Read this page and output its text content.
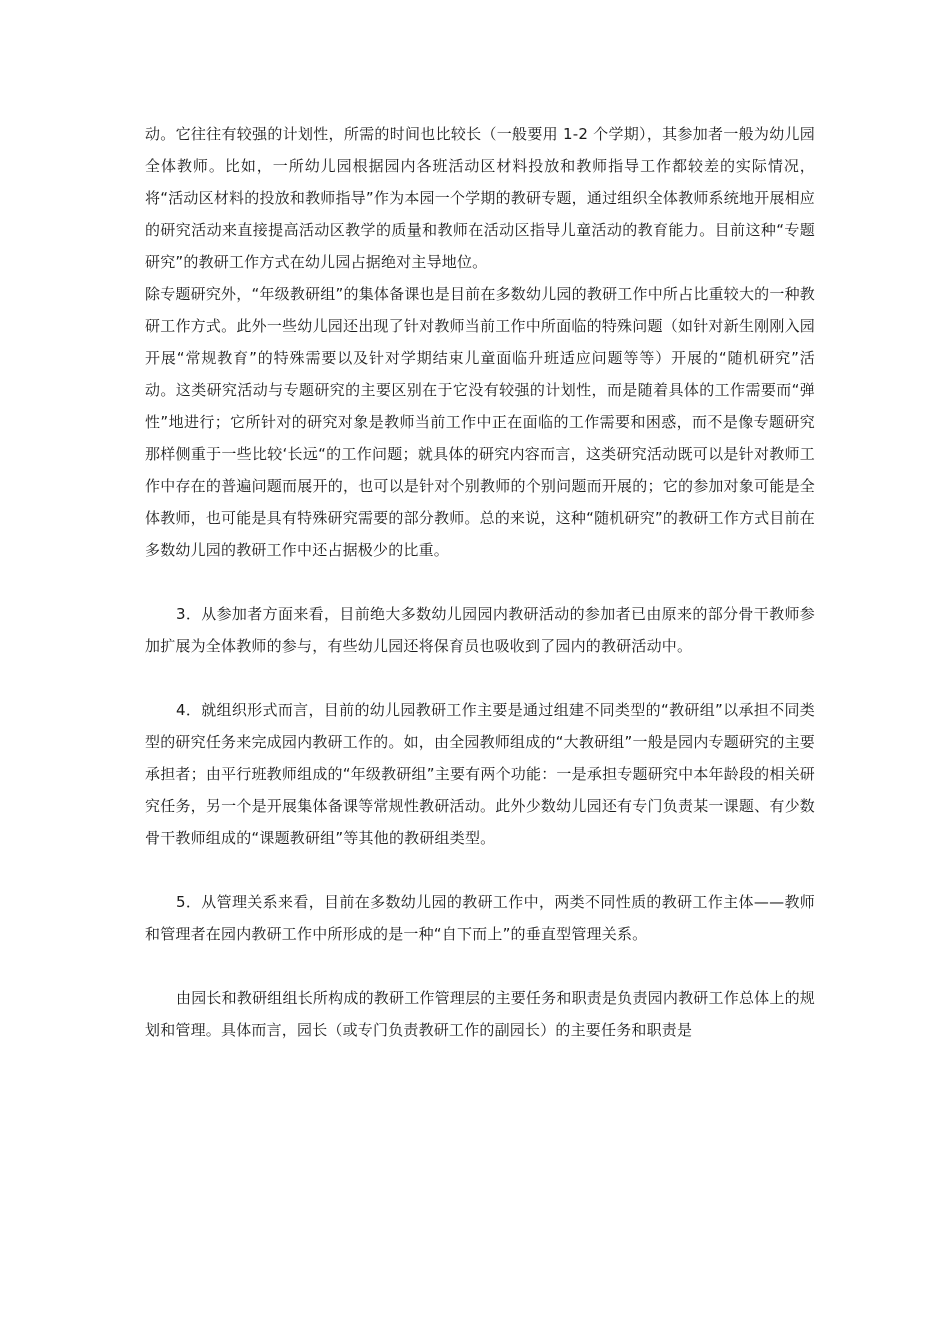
动。它往往有较强的计划性，所需的时间也比较长（一般要用 1-2 个学期），其参加者一般为幼儿园全体教师。比如，一所幼儿园根据园内各班活动区材料投放和教师指导工作都较差的实际情况，将“活动区材料的投放和教师指导”作为本园一个学期的教研专题，通过组织全体教师系统地开展相应的研究活动来直接提高活动区教学的质量和教师在活动区指导儿童活动的教育能力。目前这种“专题研究”的教研工作方式在幼儿园占据绝对主导地位。

除专题研究外，“年级教研组”的集体备课也是目前在多数幼儿园的教研工作中所占比重较大的一种教研工作方式。此外一些幼儿园还出现了针对教师当前工作中所面临的特殊问题（如针对新生刚刚入园开展“常规教育”的特殊需要以及针对学期结束儿童面临升班适应问题等等）开展的“随机研究”活动。这类研究活动与专题研究的主要区别在于它没有较强的计划性，而是随着具体的工作需要而“弹性”地进行；它所针对的研究对象是教师当前工作中正在面临的工作需要和困惑，而不是像专题研究那样侧重于一些比较‘长远“的工作问题；就具体的研究内容而言，这类研究活动既可以是针对教师工作中存在的普遍问题而展开的，也可以是针对个别教师的个别问题而开展的；它的参加对象可能是全体教师，也可能是具有特殊研究需要的部分教师。总的来说，这种“随机研究”的教研工作方式目前在多数幼儿园的教研工作中还占据极少的比重。

3．从参加者方面来看，目前绝大多数幼儿园园内教研活动的参加者已由原来的部分骨干教师参加扩展为全体教师的参与，有些幼儿园还将保育员也吸收到了园内的教研活动中。

4．就组织形式而言，目前的幼儿园教研工作主要是通过组建不同类型的“教研组”以承担不同类型的研究任务来完成园内教研工作的。如，由全园教师组成的“大教研组”一般是园内专题研究的主要承担者；由平行班教师组成的“年级教研组”主要有两个功能：一是承担专题研究中本年龄段的相关研究任务，另一个是开展集体备课等常规性教研活动。此外少数幼儿园还有专门负责某一课题、有少数骨干教师组成的“课题教研组”等其他的教研组类型。

5．从管理关系来看，目前在多数幼儿园的教研工作中，两类不同性质的教研工作主体——教师和管理者在园内教研工作中所形成的是一种“自下而上”的垂直型管理关系。

由园长和教研组组长所构成的教研工作管理层的主要任务和职责是负责园内教研工作总体上的规划和管理。具体而言，园长（或专门负责教研工作的副园长）的主要任务和职责是
